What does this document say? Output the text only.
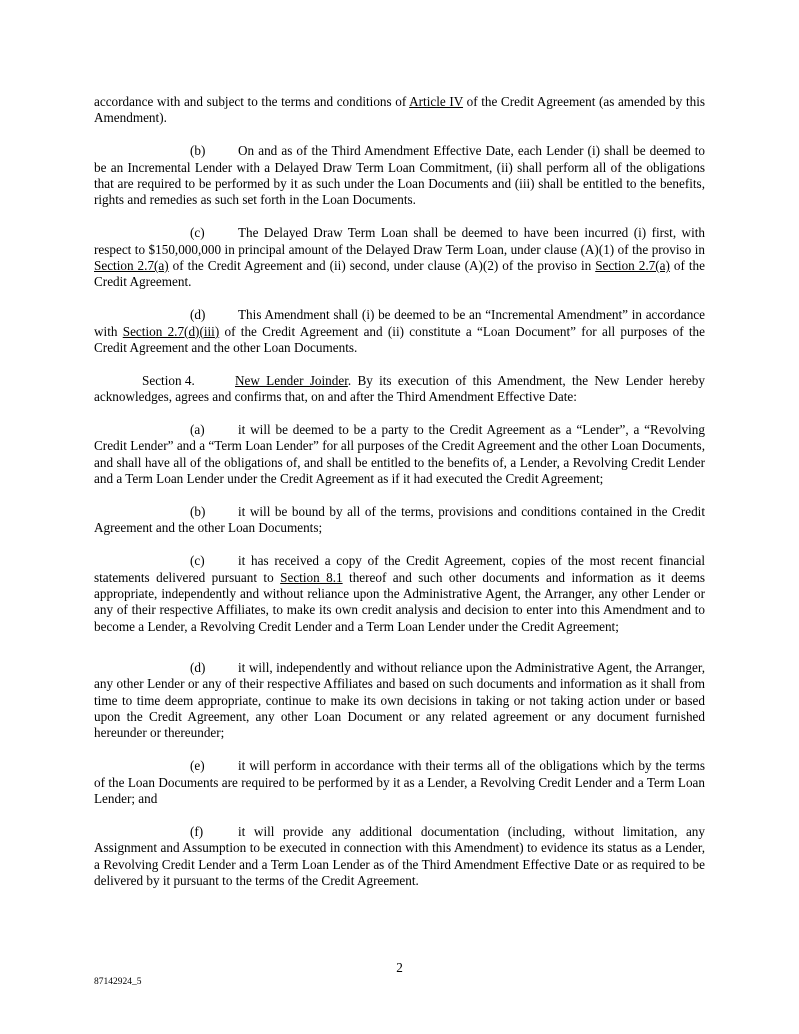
accordance with and subject to the terms and conditions of Article IV of the Credit Agreement (as amended by this Amendment).

(b) On and as of the Third Amendment Effective Date, each Lender (i) shall be deemed to be an Incremental Lender with a Delayed Draw Term Loan Commitment, (ii) shall perform all of the obligations that are required to be performed by it as such under the Loan Documents and (iii) shall be entitled to the benefits, rights and remedies as such set forth in the Loan Documents.

(c)	The Delayed Draw Term Loan shall be deemed to have been incurred (i) first, with respect to $150,000,000 in principal amount of the Delayed Draw Term Loan, under clause (A)(1) of the proviso in Section 2.7(a) of the Credit Agreement and (ii) second, under clause (A)(2) of the proviso in Section 2.7(a) of the Credit Agreement.

(d) This Amendment shall (i) be deemed to be an “Incremental Amendment” in accordance with Section 2.7(d)(iii) of the Credit Agreement and (ii) constitute a “Loan Document” for all purposes of the Credit Agreement and the other Loan Documents.

Section 4.	New Lender Joinder. By its execution of this Amendment, the New Lender hereby acknowledges, agrees and confirms that, on and after the Third Amendment Effective Date:

(a)	it will be deemed to be a party to the Credit Agreement as a “Lender”, a “Revolving Credit Lender” and a “Term Loan Lender” for all purposes of the Credit Agreement and the other Loan Documents, and shall have all of the obligations of, and shall be entitled to the benefits of, a Lender, a Revolving Credit Lender and a Term Loan Lender under the Credit Agreement as if it had executed the Credit Agreement;

(b) it will be bound by all of the terms, provisions and conditions contained in the Credit Agreement and the other Loan Documents;

(c)	it has received a copy of the Credit Agreement, copies of the most recent financial statements delivered pursuant to Section 8.1 thereof and such other documents and information as it deems appropriate, independently and without reliance upon the Administrative Agent, the Arranger, any other Lender or any of their respective Affiliates, to make its own credit analysis and decision to enter into this Amendment and to become a Lender, a Revolving Credit Lender and a Term Loan Lender under the Credit Agreement;

(d) it will, independently and without reliance upon the Administrative Agent, the Arranger, any other Lender or any of their respective Affiliates and based on such documents and information as it shall from time to time deem appropriate, continue to make its own decisions in taking or not taking action under or based upon the Credit Agreement, any other Loan Document or any related agreement or any document furnished hereunder or thereunder;

(e)	it will perform in accordance with their terms all of the obligations which by the terms of the Loan Documents are required to be performed by it as a Lender, a Revolving Credit Lender and a Term Loan Lender; and

(f)	it will provide any additional documentation (including, without limitation, any Assignment and Assumption to be executed in connection with this Amendment) to evidence its status as a Lender, a Revolving Credit Lender and a Term Loan Lender as of the Third Amendment Effective Date or as required to be delivered by it pursuant to the terms of the Credit Agreement.

2
87142924_5
